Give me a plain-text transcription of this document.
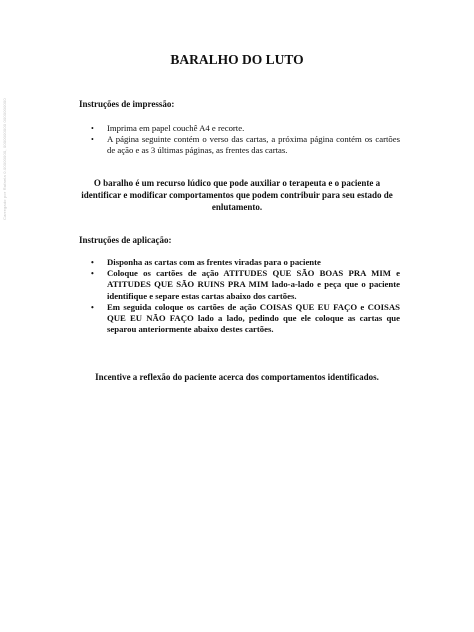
Carregado por Rafaela 0.00000000, 0000000000 0000000000
BARALHO DO LUTO
Instruções de impressão:
• Imprima em papel couchê A4 e recorte.
• A página seguinte contém o verso das cartas, a próxima página contém os cartões de ação e as 3 últimas páginas, as frentes das cartas.
O baralho é um recurso lúdico que pode auxiliar o terapeuta e o paciente a
identificar e modificar comportamentos que podem contribuir para seu estado de
enlutamento.
Instruções de aplicação:
• Disponha as cartas com as frentes viradas para o paciente
• Coloque os cartões de ação ATITUDES QUE SÃO BOAS PRA MIM e ATITUDES QUE SÃO RUINS PRA MIM lado-a-lado e peça que o paciente identifique e separe estas cartas abaixo dos cartões.
• Em seguida coloque os cartões de ação COISAS QUE EU FAÇO e COISAS QUE EU NÃO FAÇO lado a lado, pedindo que ele coloque as cartas que separou anteriormente abaixo destes cartões.
Incentive a reflexão do paciente acerca dos comportamentos identificados.
